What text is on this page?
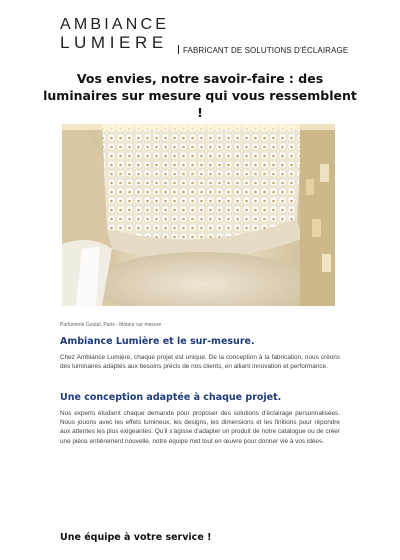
AMBIANCE
LUMIERE	FABRICANT DE SOLUTIONS D'ÉCLAIRAGE
Vos envies, notre savoir-faire : des luminaires sur mesure qui vous ressemblent !
Parfumerie Goutal, Paris - Moteur sur mesure
Ambiance Lumière et le sur-mesure.

Chez Ambiance Lumière, chaque projet est unique. De la conception à la fabrication, nous créons des luminaires adaptés aux besoins précis de nos clients, en alliant innovation et performance.

Une conception adaptée à chaque projet.

Nos experts étudient chaque demande pour proposer des solutions d'éclairage personnalisées. Nous jouons avec les effets lumineux, les designs, les dimensions et les finitions pour répondre aux attentes les plus exigeantes. Qu'il s'agisse d'adapter un produit de notre catalogue ou de créer une pièce entièrement nouvelle, notre équipe met tout en œuvre pour donner vie à vos idées.

Une équipe à votre service !
